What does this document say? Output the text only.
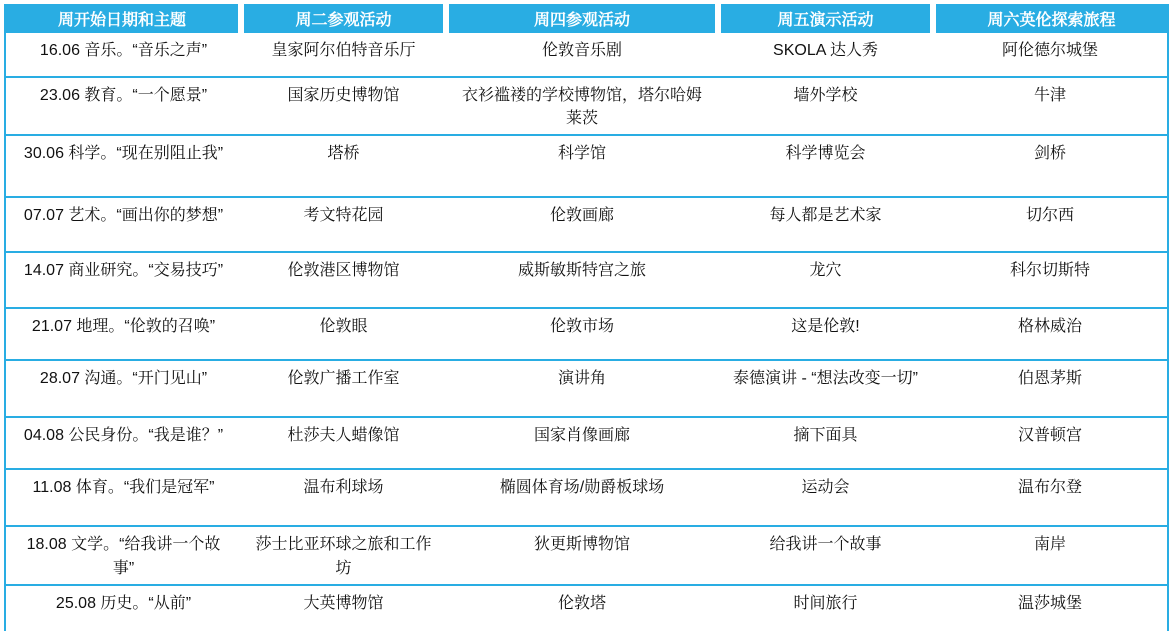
周开始日期和主题	周二参观活动	周四参观活动	周五演示活动	周六英伦探索旅程
16.06 音乐。“音乐之声”	皇家阿尔伯特音乐厅	伦敦音乐剧	SKOLA 达人秀	阿伦德尔城堡
23.06 教育。“一个愿景”	国家历史博物馆	衣衫褴褛的学校博物馆，塔尔哈姆莱茨	墙外学校	牛津
30.06 科学。“现在别阻止我”	塔桥	科学馆	科学博览会	剑桥
07.07 艺术。“画出你的梦想”	考文特花园	伦敦画廊	每人都是艺术家	切尔西
14.07 商业研究。“交易技巧”	伦敦港区博物馆	威斯敏斯特宫之旅	龙穴	科尔切斯特
21.07 地理。“伦敦的召唤”	伦敦眼	伦敦市场	这是伦敦!	格林威治
28.07 沟通。“开门见山”	伦敦广播工作室	演讲角	泰德演讲 - “想法改变一切”	伯恩茅斯
04.08 公民身份。“我是谁？”	杜莎夫人蜡像馆	国家肖像画廊	摘下面具	汉普顿宫
11.08 体育。“我们是冠军”	温布利球场	椭圆体育场/勋爵板球场	运动会	温布尔登
18.08 文学。“给我讲一个故事”	莎士比亚环球之旅和工作坊	狄更斯博物馆	给我讲一个故事	南岸
25.08 历史。“从前”	大英博物馆	伦敦塔	时间旅行	温莎城堡
